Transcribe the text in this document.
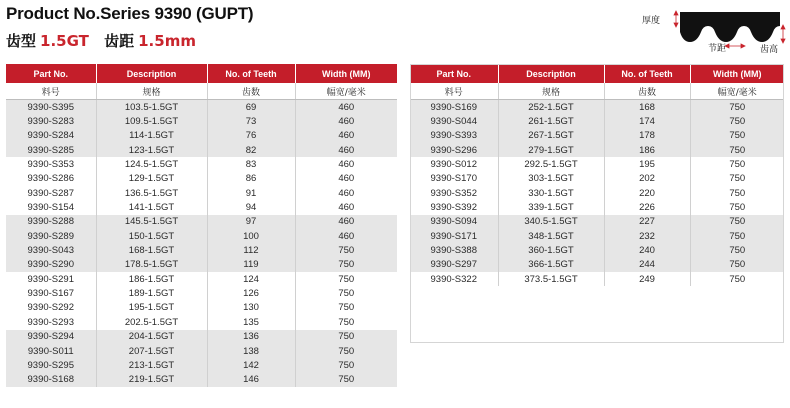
Product No.Series 9390 (GUPT)
齿型 1.5GT 齿距 1.5mm
厚度
节距	齿高
Part No.	Description	No. of Teeth	Width (MM)
料号	规格	齿数	幅宽/毫米
9390-S395	103.5-1.5GT	69	460
9390-S283	109.5-1.5GT	73	460
9390-S284	114-1.5GT	76	460
9390-S285	123-1.5GT	82	460
9390-S353	124.5-1.5GT	83	460
9390-S286	129-1.5GT	86	460
9390-S287	136.5-1.5GT	91	460
9390-S154	141-1.5GT	94	460
9390-S288	145.5-1.5GT	97	460
9390-S289	150-1.5GT	100	460
9390-S043	168-1.5GT	112	750
9390-S290	178.5-1.5GT	119	750
9390-S291	186-1.5GT	124	750
9390-S167	189-1.5GT	126	750
9390-S292	195-1.5GT	130	750
9390-S293	202.5-1.5GT	135	750
9390-S294	204-1.5GT	136	750
9390-S011	207-1.5GT	138	750
9390-S295	213-1.5GT	142	750
9390-S168	219-1.5GT	146	750
Part No.	Description	No. of Teeth	Width (MM)
料号	规格	齿数	幅宽/毫米
9390-S169	252-1.5GT	168	750
9390-S044	261-1.5GT	174	750
9390-S393	267-1.5GT	178	750
9390-S296	279-1.5GT	186	750
9390-S012	292.5-1.5GT	195	750
9390-S170	303-1.5GT	202	750
9390-S352	330-1.5GT	220	750
9390-S392	339-1.5GT	226	750
9390-S094	340.5-1.5GT	227	750
9390-S171	348-1.5GT	232	750
9390-S388	360-1.5GT	240	750
9390-S297	366-1.5GT	244	750
9390-S322	373.5-1.5GT	249	750
